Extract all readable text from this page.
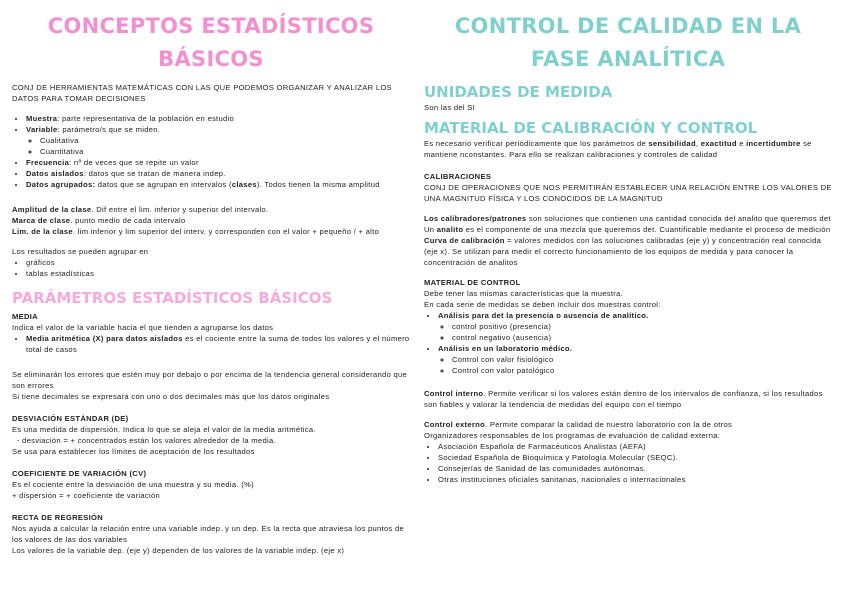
CONCEPTOS ESTADÍSTICOS BÁSICOS

CONJ DE HERRAMIENTAS MATEMÁTICAS CON LAS QUE PODEMOS ORGANIZAR Y ANALIZAR LOS DATOS PARA TOMAR DECISIONES

• Muestra: parte representativa de la población en estudio
• Variable: parámetro/s que se miden.
◦ Cualitativa
◦ Cuantitativa
• Frecuencia: nº de veces que se repite un valor
• Datos aislados: datos que se tratan de manera indep.
• Datos agrupados: datos que se agrupan en intervalos (clases). Todos tienen la misma amplitud

Amplitud de la clase. Dif entre el lim. inferior y superior del intervalo.

Marca de clase. punto medio de cada intervalo

Lim. de la clase. lim inferior y lim superior del interv. y corresponden con el valor + pequeño / + alto

Los resultados se pueden agrupar en

• gráficos
• tablas estadísticas
PARÁMETROS ESTADÍSTICOS BÁSICOS

MEDIA

Indica el valor de la variable hacia el que tienden a agruparse los datos

• Media aritmética (X) para datos aislados es el cociente entre la suma de todos los valores y el número total de casos

Se eliminarán los errores que estén muy por debajo o por encima de la tendencia general considerando que son errores

Si tiene decimales se expresará con uno o dos decimales más que los datos originales

DESVIACIÓN ESTÁNDAR (DE)

Es una medida de dispersión. Indica lo que se aleja el valor de la media aritmética.

- desviación = + concentrados están los valores alrededor de la media.

Se usa para establecer los límites de aceptación de los resultados

COEFICIENTE DE VARIACIÓN (CV)

Es el cociente entre la desviación de una muestra y su media. (%)

+ dispersión = + coeficiente de variación

RECTA DE REGRESIÓN

Nos ayuda a calcular la relación entre una variable indep. y un dep. Es la recta que atraviesa los puntos de los valores de las dos variables

Los valores de la variable dep. (eje y) dependen de los valores de la variable indep. (eje x)

CONTROL DE CALIDAD EN LA FASE ANALÍTICA
UNIDADES DE MEDIDA

Son las del SI

MATERIAL DE CALIBRACIÓN Y CONTROL

Es necesario verificar periódicamente que los parámetros de sensibilidad, exactitud e incertidumbre se mantiene nconstantes. Para ello se realizan calibraciones y controles de calidad

CALIBRACIONES

CONJ DE OPERACIONES QUE NOS PERMITIRÁN ESTABLECER UNA RELACIÓN ENTRE LOS VALORES DE UNA MAGNITUD FÍSICA Y LOS CONOCIDOS DE LA MAGNITUD

Los calibradores/patrones son soluciones que contienen una cantidad conocida del analito que queremos det

Un analito es el componente de una mezcla que queremos det. Cuantificable mediante el proceso de medición

Curva de calibración = valores medidos con las soluciones calibradas (eje y) y concentración real conocida (eje x). Se utilizan para medir el correcto funcionamiento de los equipos de medida y para conocer la concentración de analitos

MATERIAL DE CONTROL

Debe tener las mismas características que la muestra.

En cada serie de medidas se deben incluir dos muestras control:

• Análisis para det la presencia o ausencia de analítico.
◦ control positivo (presencia)
◦ control negativo (ausencia)
• Análisis en un laboratorio médico.
◦ Control con valor fisiológico
◦ Control con valor patológico

Control interno. Permite verificar si los valores están dentro de los intervalos de confianza, si los resultados son fiables y valorar la tendencia de medidas del equipo con el tiempo

Control externo. Permite comparar la calidad de nuestro laboratorio con la de otros

Organizadores responsables de los programas de evaluación de calidad externa:

• Asociación Española de Farmacéuticos Analistas (AEFA)
• Sociedad Española de Bioquímica y Patología Molecular (SEQC).
• Consejerías de Sanidad de las comunidades autónomas.
• Otras instituciones oficiales sanitarias, nacionales o internacionales
